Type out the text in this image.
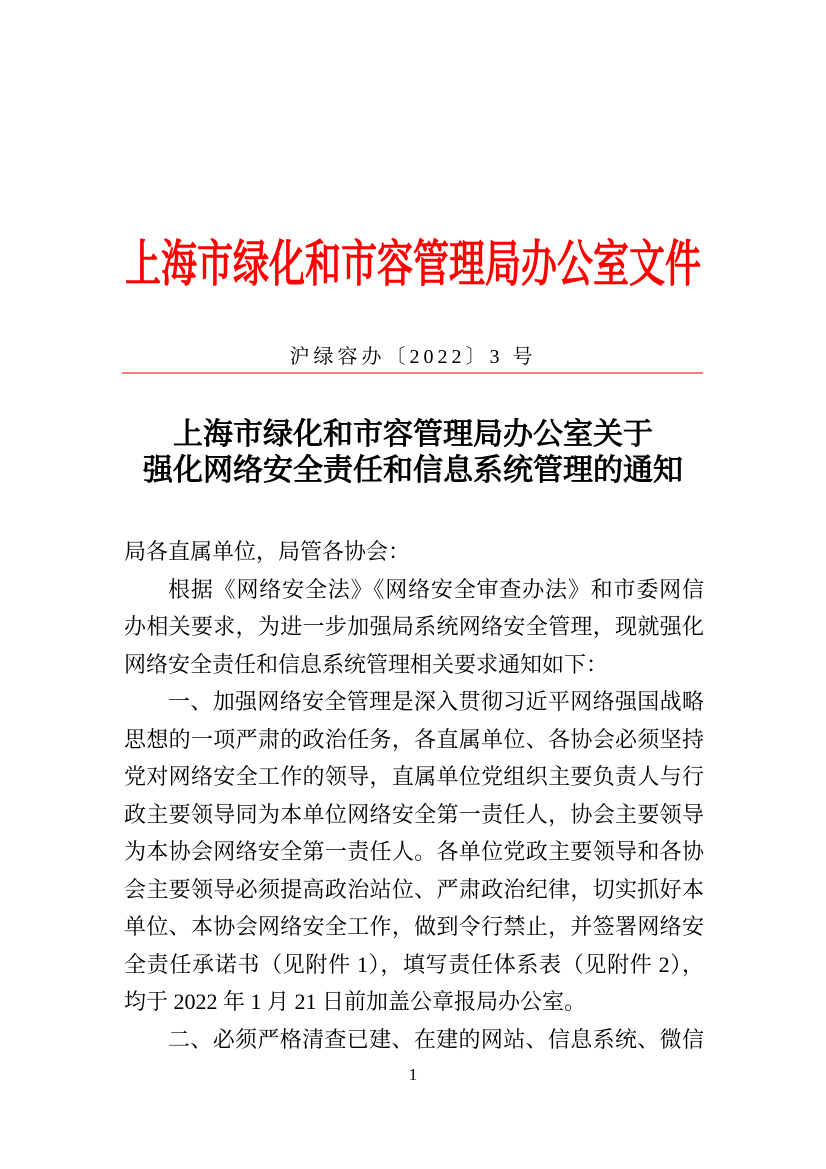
上海市绿化和市容管理局办公室文件
沪绿容办〔2022〕3 号
上海市绿化和市容管理局办公室关于
强化网络安全责任和信息系统管理的通知

局各直属单位，局管各协会：

根据《网络安全法》《网络安全审查办法》和市委网信办相关要求，为进一步加强局系统网络安全管理，现就强化网络安全责任和信息系统管理相关要求通知如下：

一、加强网络安全管理是深入贯彻习近平网络强国战略思想的一项严肃的政治任务，各直属单位、各协会必须坚持党对网络安全工作的领导，直属单位党组织主要负责人与行政主要领导同为本单位网络安全第一责任人，协会主要领导为本协会网络安全第一责任人。各单位党政主要领导和各协会主要领导必须提高政治站位、严肃政治纪律，切实抓好本单位、本协会网络安全工作，做到令行禁止，并签署网络安全责任承诺书（见附件 1），填写责任体系表（见附件 2），均于 2022 年 1 月 21 日前加盖公章报局办公室。

二、必须严格清查已建、在建的网站、信息系统、微信

1
